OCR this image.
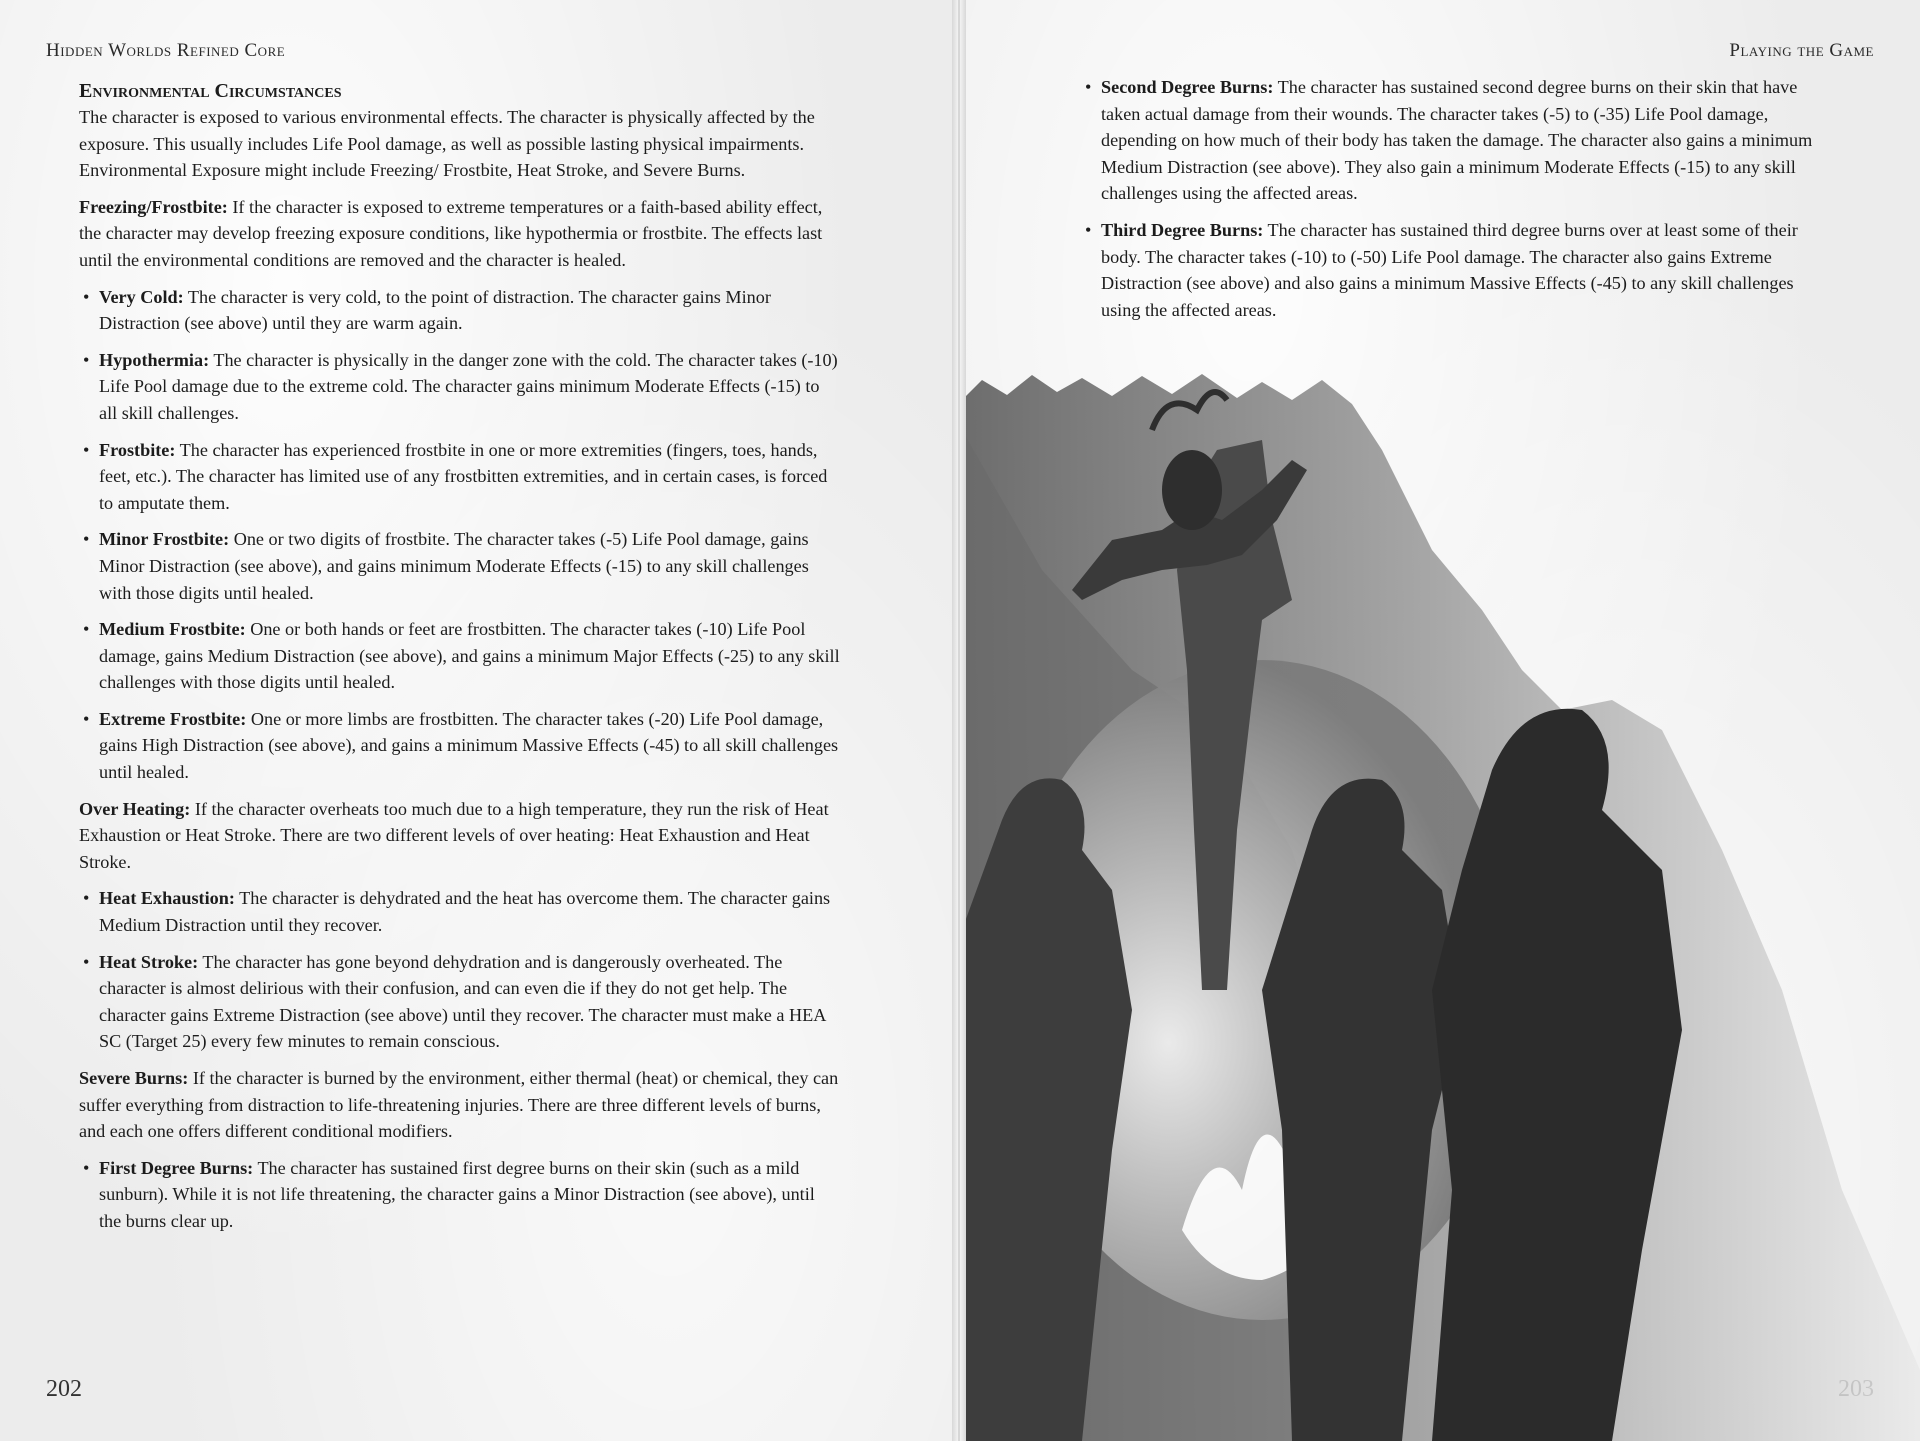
Hidden Worlds Refined Core
Environmental Circumstances

The character is exposed to various environmental effects. The character is physically affected by the exposure. This usually includes Life Pool damage, as well as possible lasting physical impairments. Environmental Exposure might include Freezing/ Frostbite, Heat Stroke, and Severe Burns.

Freezing/Frostbite: If the character is exposed to extreme temperatures or a faith-based ability effect, the character may develop freezing exposure conditions, like hypothermia or frostbite. The effects last until the environmental conditions are removed and the character is healed.

• Very Cold: The character is very cold, to the point of distraction. The character gains Minor Distraction (see above) until they are warm again.
• Hypothermia: The character is physically in the danger zone with the cold. The character takes (-10) Life Pool damage due to the extreme cold. The character gains minimum Moderate Effects (-15) to all skill challenges.
• Frostbite: The character has experienced frostbite in one or more extremities (fingers, toes, hands, feet, etc.). The character has limited use of any frostbitten extremities, and in certain cases, is forced to amputate them.
• Minor Frostbite: One or two digits of frostbite. The character takes (-5) Life Pool damage, gains Minor Distraction (see above), and gains minimum Moderate Effects (-15) to any skill challenges with those digits until healed.
• Medium Frostbite: One or both hands or feet are frostbitten. The character takes (-10) Life Pool damage, gains Medium Distraction (see above), and gains a minimum Major Effects (-25) to any skill challenges with those digits until healed.
• Extreme Frostbite: One or more limbs are frostbitten. The character takes (-20) Life Pool damage, gains High Distraction (see above), and gains a minimum Massive Effects (-45) to all skill challenges until healed.

Over Heating: If the character overheats too much due to a high temperature, they run the risk of Heat Exhaustion or Heat Stroke. There are two different levels of over heating: Heat Exhaustion and Heat Stroke.

• Heat Exhaustion: The character is dehydrated and the heat has overcome them. The character gains Medium Distraction until they recover.
• Heat Stroke: The character has gone beyond dehydration and is dangerously overheated. The character is almost delirious with their confusion, and can even die if they do not get help. The character gains Extreme Distraction (see above) until they recover. The character must make a HEA SC (Target 25) every few minutes to remain conscious.

Severe Burns: If the character is burned by the environment, either thermal (heat) or chemical, they can suffer everything from distraction to life-threatening injuries. There are three different levels of burns, and each one offers different conditional modifiers.

• First Degree Burns: The character has sustained first degree burns on their skin (such as a mild sunburn). While it is not life threatening, the character gains a Minor Distraction (see above), until the burns clear up.
202
Playing the Game
• Second Degree Burns: The character has sustained second degree burns on their skin that have taken actual damage from their wounds. The character takes (-5) to (-35) Life Pool damage, depending on how much of their body has taken the damage. The character also gains a minimum Medium Distraction (see above). They also gain a minimum Moderate Effects (-15) to any skill challenges using the affected areas.
• Third Degree Burns: The character has sustained third degree burns over at least some of their body. The character takes (-10) to (-50) Life Pool damage. The character also gains Extreme Distraction (see above) and also gains a minimum Massive Effects (-45) to any skill challenges using the affected areas.
